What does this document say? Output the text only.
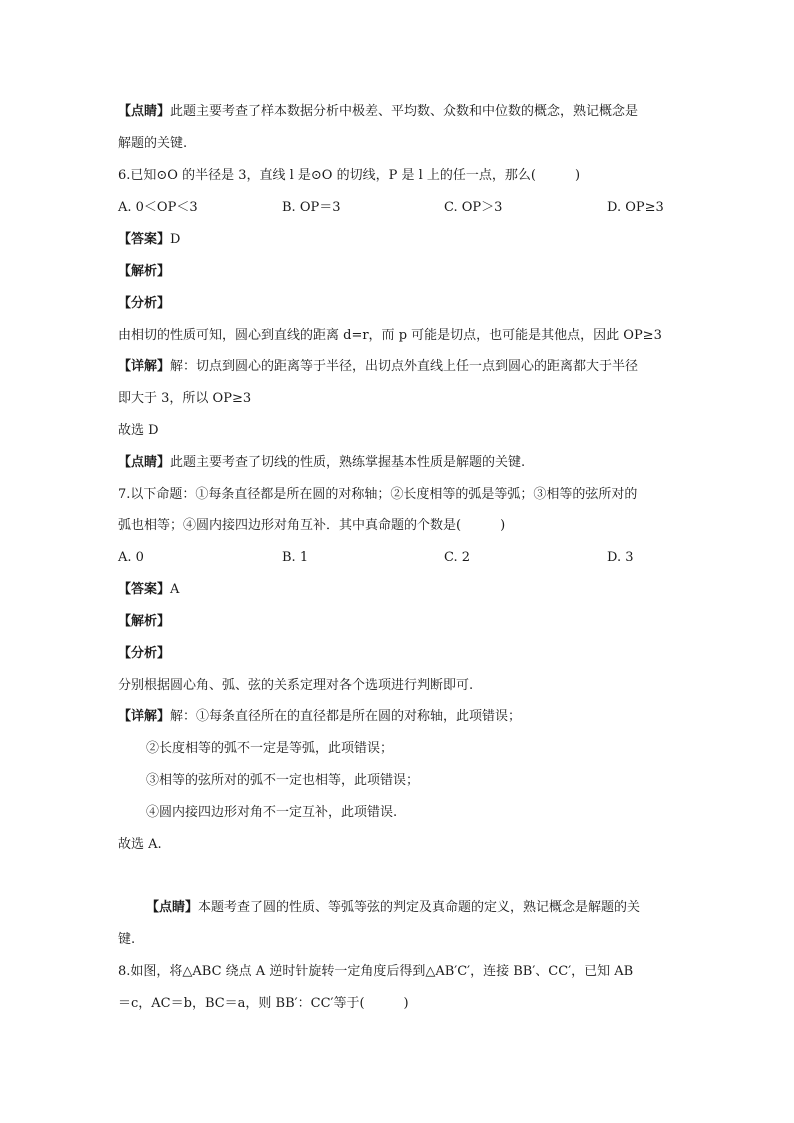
【点睛】此题主要考查了样本数据分析中极差、平均数、众数和中位数的概念，熟记概念是
解题的关键.
6.已知⊙O 的半径是 3，直线 l 是⊙O 的切线，P 是 l 上的任一点，那么(　　　)
A. 0＜OP＜3	B. OP＝3	C. OP＞3	D. OP≥3
【答案】D
【解析】
【分析】
由相切的性质可知，圆心到直线的距离 d=r，而 p 可能是切点，也可能是其他点，因此 OP≥3
【详解】解：切点到圆心的距离等于半径，出切点外直线上任一点到圆心的距离都大于半径
即大于 3，所以 OP≥3
故选 D
【点睛】此题主要考查了切线的性质，熟练掌握基本性质是解题的关键.
7.以下命题：①每条直径都是所在圆的对称轴；②长度相等的弧是等弧；③相等的弦所对的
弧也相等；④圆内接四边形对角互补．其中真命题的个数是(　　　)
A. 0	B. 1	C. 2	D. 3
【答案】A
【解析】
【分析】
分别根据圆心角、弧、弦的关系定理对各个选项进行判断即可.
【详解】解：①每条直径所在的直径都是所在圆的对称轴，此项错误；
②长度相等的弧不一定是等弧，此项错误；
③相等的弦所对的弧不一定也相等，此项错误；
④圆内接四边形对角不一定互补，此项错误.
故选 A.
【点睛】本题考查了圆的性质、等弧等弦的判定及真命题的定义，熟记概念是解题的关
键.
8.如图，将△ABC 绕点 A 逆时针旋转一定角度后得到△AB′C′，连接 BB′、CC′，已知 AB
＝c，AC＝b，BC＝a，则 BB′：CC′等于(　　　)
